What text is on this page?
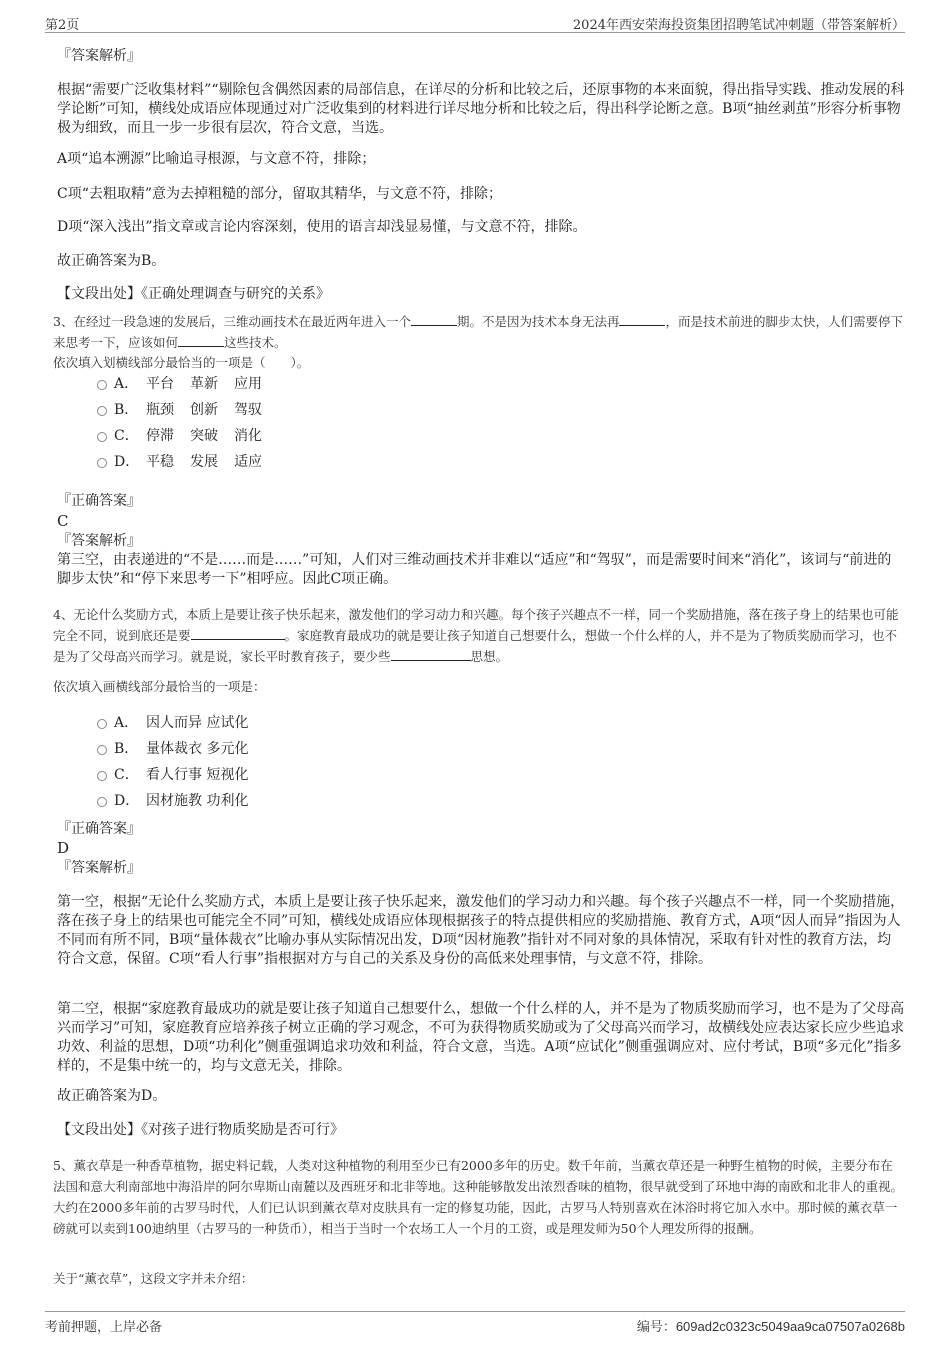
第2页	2024年西安荣海投资集团招聘笔试冲刺题（带答案解析）

『答案解析』

根据“需要广泛收集材料”“剔除包含偶然因素的局部信息，在详尽的分析和比较之后，还原事物的本来面貌，得出指导实践、推动发展的科学论断”可知，横线处成语应体现通过对广泛收集到的材料进行详尽地分析和比较之后，得出科学论断之意。B项“抽丝剥茧”形容分析事物极为细致，而且一步一步很有层次，符合文意，当选。

A项“追本溯源”比喻追寻根源，与文意不符，排除；

C项“去粗取精”意为去掉粗糙的部分，留取其精华，与文意不符，排除；

D项“深入浅出”指文章或言论内容深刻，使用的语言却浅显易懂，与文意不符，排除。

故正确答案为B。

【文段出处】《正确处理调查与研究的关系》

3、在经过一段急速的发展后，三维动画技术在最近两年进入一个	期。不是因为技术本身无法再	，而是技术前进的脚步太快，人们需要停下来思考一下，应该如何	这些技术。

依次填入划横线部分最恰当的一项是（　　）。

A． 平台 革新 应用
B． 瓶颈 创新 驾驭
C． 停滞 突破 消化
D． 平稳 发展 适应

『正确答案』

C

『答案解析』

第三空，由表递进的“不是……而是……”可知，人们对三维动画技术并非难以“适应”和“驾驭”，而是需要时间来“消化”，该词与“前进的脚步太快”和“停下来思考一下”相呼应。因此C项正确。

4、无论什么奖励方式，本质上是要让孩子快乐起来，激发他们的学习动力和兴趣。每个孩子兴趣点不一样，同一个奖励措施，落在孩子身上的结果也可能完全不同，说到底还是要	。家庭教育最成功的就是要让孩子知道自己想要什么，想做一个什么样的人，并不是为了物质奖励而学习，也不是为了父母高兴而学习。就是说，家长平时教育孩子，要少些	思想。

依次填入画横线部分最恰当的一项是：

A． 因人而异 应试化
B． 量体裁衣 多元化
C． 看人行事 短视化
D． 因材施教 功利化

『正确答案』

D

『答案解析』

第一空，根据“无论什么奖励方式，本质上是要让孩子快乐起来，激发他们的学习动力和兴趣。每个孩子兴趣点不一样，同一个奖励措施，落在孩子身上的结果也可能完全不同”可知，横线处成语应体现根据孩子的特点提供相应的奖励措施、教育方式，A项“因人而异”指因为人不同而有所不同，B项“量体裁衣”比喻办事从实际情况出发，D项“因材施教”指针对不同对象的具体情况，采取有针对性的教育方法，均符合文意，保留。C项“看人行事”指根据对方与自己的关系及身份的高低来处理事情，与文意不符，排除。

第二空，根据“家庭教育最成功的就是要让孩子知道自己想要什么，想做一个什么样的人，并不是为了物质奖励而学习，也不是为了父母高兴而学习”可知，家庭教育应培养孩子树立正确的学习观念，不可为获得物质奖励或为了父母高兴而学习，故横线处应表达家长应少些追求功效、利益的思想，D项“功利化”侧重强调追求功效和利益，符合文意，当选。A项“应试化”侧重强调应对、应付考试，B项“多元化”指多样的，不是集中统一的，均与文意无关，排除。

故正确答案为D。

【文段出处】《对孩子进行物质奖励是否可行》

5、薰衣草是一种香草植物，据史料记载，人类对这种植物的利用至少已有2000多年的历史。数千年前，当薰衣草还是一种野生植物的时候，主要分布在法国和意大利南部地中海沿岸的阿尔卑斯山南麓以及西班牙和北非等地。这种能够散发出浓烈香味的植物，很早就受到了环地中海的南欧和北非人的重视。大约在2000多年前的古罗马时代，人们已认识到薰衣草对皮肤具有一定的修复功能，因此，古罗马人特别喜欢在沐浴时将它加入水中。那时候的薰衣草一磅就可以卖到100迪纳里（古罗马的一种货币），相当于当时一个农场工人一个月的工资，或是理发师为50个人理发所得的报酬。

关于“薰衣草”，这段文字并未介绍：

考前押题，上岸必备	编号：609ad2c0323c5049aa9ca07507a0268b
